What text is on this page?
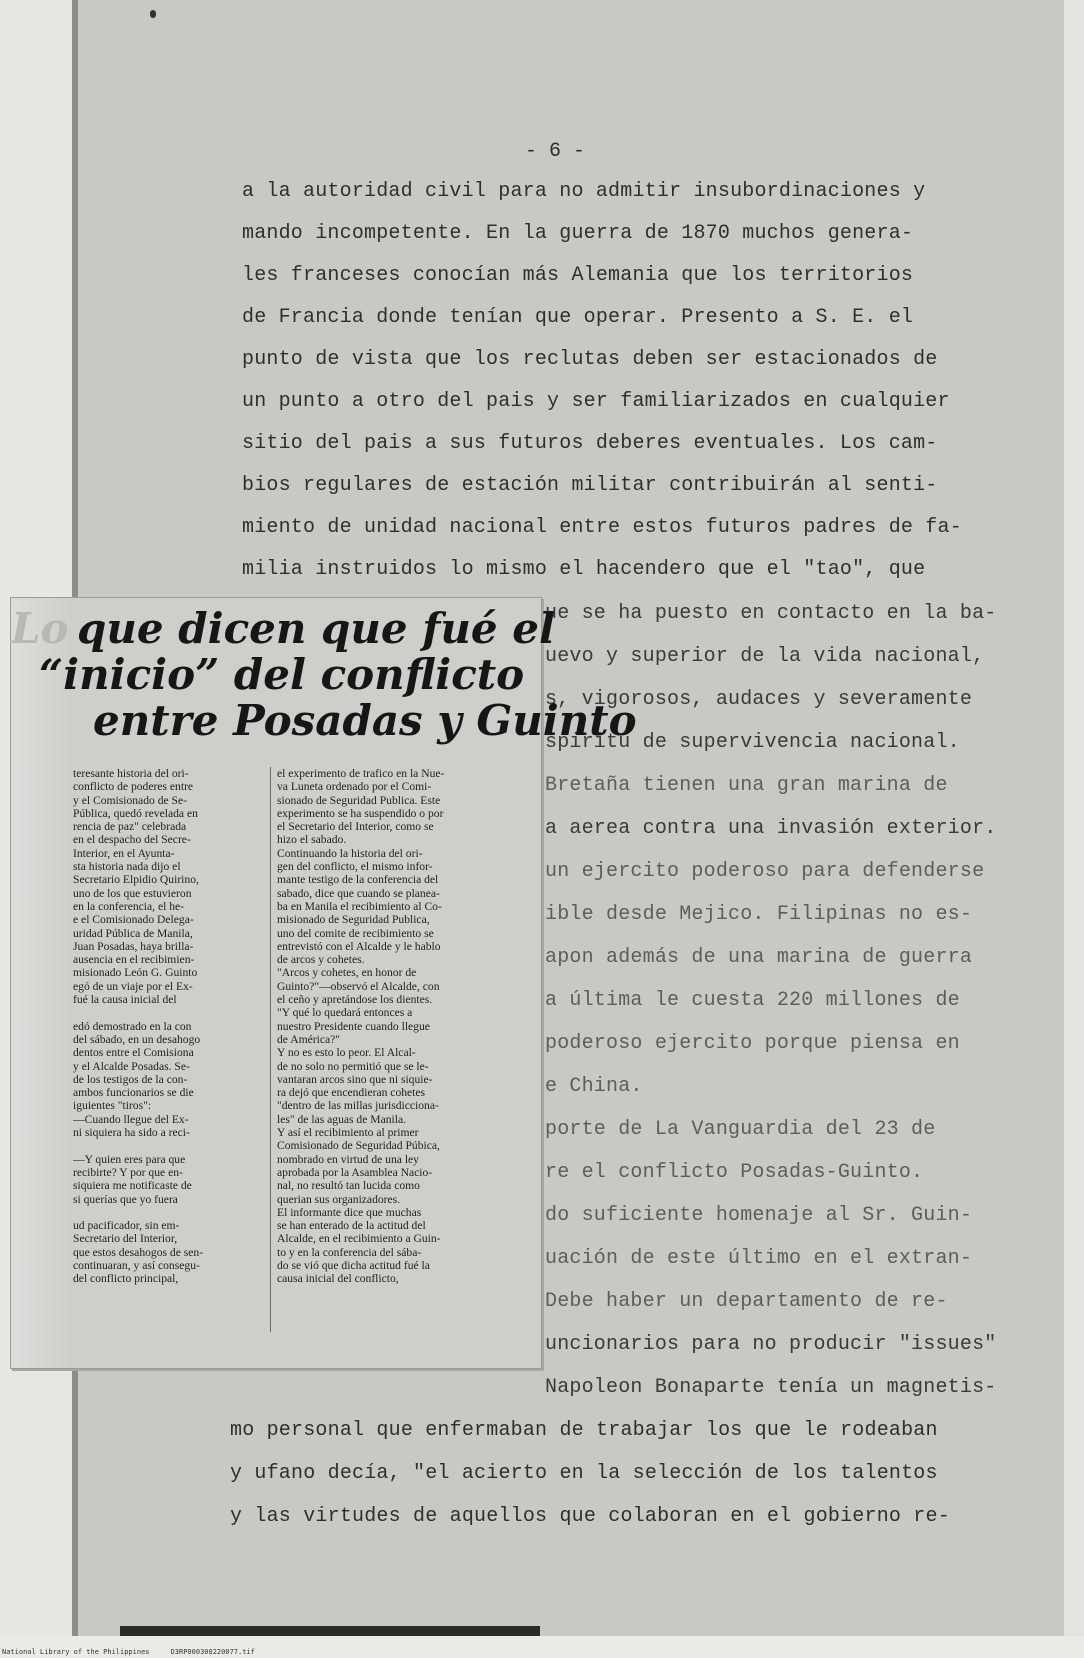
- 6 -
a la autoridad civil para no admitir insubordinaciones y
mando incompetente. En la guerra de 1870 muchos genera-
les franceses conocían más Alemania que los territorios
de Francia donde tenían que operar. Presento a S. E. el
punto de vista que los reclutas deben ser estacionados de
un punto a otro del pais y ser familiarizados en cualquier
sitio del pais a sus futuros deberes eventuales. Los cam-
bios regulares de estación militar contribuirán al senti-
miento de unidad nacional entre estos futuros padres de fa-
milia instruidos lo mismo el hacendero que el "tao", que
ue se ha puesto en contacto en la ba-
uevo y superior de la vida nacional,
s, vigorosos, audaces y severamente
spiritu de supervivencia nacional.
Bretaña tienen una gran marina de
a aerea contra una invasión exterior.
un ejercito poderoso para defenderse
ible desde Mejico. Filipinas no es-
apon además de una marina de guerra
a última le cuesta 220 millones de
poderoso ejercito porque piensa en
e China.
porte de La Vanguardia del 23 de
re el conflicto Posadas-Guinto.
do suficiente homenaje al Sr. Guin-
uación de este último en el extran-
Debe haber un departamento de re-
uncionarios para no producir "issues"
Napoleon Bonaparte tenía un magnetis-
mo personal que enfermaban de trabajar los que le rodeaban
y ufano decía, "el acierto en la selección de los talentos
y las virtudes de aquellos que colaboran en el gobierno re-
Lo que dicen que fué el
“inicio” del conflicto
entre Posadas y Guinto
teresante historia del ori-
conflicto de poderes entre
y el Comisionado de Se-
Pública, quedó revelada en
rencia de paz" celebrada
en el despacho del Secre-
Interior, en el Ayunta-
sta historia nada dijo el
Secretario Elpidio Quirino,
uno de los que estuvieron
en la conferencia, el he-
e el Comisionado Delega-
uridad Pública de Manila,
Juan Posadas, haya brilla-
ausencia en el recibimien-
misionado León G. Guinto
egó de un viaje por el Ex-
fué la causa inicial del

edó demostrado en la con
del sábado, en un desahogo
dentos entre el Comisiona
y el Alcalde Posadas. Se-
de los testigos de la con-
ambos funcionarios se die
iguientes "tiros":
—Cuando llegue del Ex-
ni siquiera ha sido a reci-

—Y quien eres para que
recibirte? Y por que en-
siquiera me notificaste de
si querías que yo fuera

ud pacificador, sin em-
Secretario del Interior,
que estos desahogos de sen-
continuaran, y así consegu-
del conflicto principal,
el experimento de trafico en la Nue-
va Luneta ordenado por el Comi-
sionado de Seguridad Publica. Este
experimento se ha suspendido o por
el Secretario del Interior, como se
hizo el sabado.
Continuando la historia del ori-
gen del conflicto, el mismo infor-
mante testigo de la conferencia del
sabado, dice que cuando se planea-
ba en Manila el recibimiento al Co-
misionado de Seguridad Publica,
uno del comite de recibimiento se
entrevistó con el Alcalde y le hablo
de arcos y cohetes.
"Arcos y cohetes, en honor de
Guinto?"—observó el Alcalde, con
el ceño y apretándose los dientes.
"Y qué lo quedará entonces a
nuestro Presidente cuando llegue
de América?"
Y no es esto lo peor. El Alcal-
de no solo no permitió que se le-
vantaran arcos sino que ni siquie-
ra dejó que encendieran cohetes
"dentro de las millas jurisdicciona-
les" de las aguas de Manila.
Y así el recibimiento al primer
Comisionado de Seguridad Púbica,
nombrado en virtud de una ley
aprobada por la Asamblea Nacio-
nal, no resultó tan lucida como
querian sus organizadores.
El informante dice que muchas
se han enterado de la actitud del
Alcalde, en el recibimiento a Guin-
to y en la conferencia del sába-
do se vió que dicha actitud fué la
causa inicial del conflicto,
National Library of the Philippines     D3RP000300220077.tif
